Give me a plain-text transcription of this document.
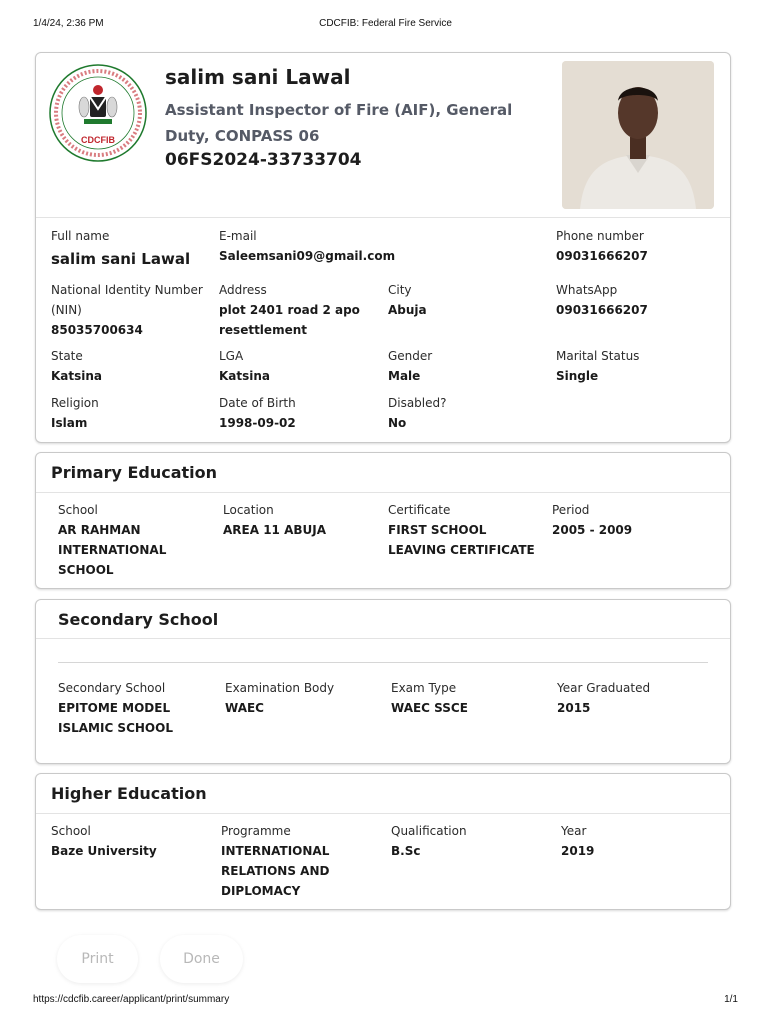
1/4/24, 2:36 PM	CDCFIB: Federal Fire Service
CDCFIB
salim sani Lawal
Assistant Inspector of Fire (AIF), General Duty, CONPASS 06
06FS2024-33733704
Full name
salim sani Lawal
E-mail
Saleemsani09@gmail.com
Phone number
09031666207
National Identity Number (NIN)
85035700634
Address
plot 2401 road 2 apo resettlement
City
Abuja
WhatsApp
09031666207
State
Katsina
LGA
Katsina
Gender
Male
Marital Status
Single
Religion
Islam
Date of Birth
1998-09-02
Disabled?
No
Primary Education
School
AR RAHMAN INTERNATIONAL SCHOOL
Location
AREA 11 ABUJA
Certificate
FIRST SCHOOL LEAVING CERTIFICATE
Period
2005 - 2009
Secondary School
Secondary School
EPITOME MODEL ISLAMIC SCHOOL
Examination Body
WAEC
Exam Type
WAEC SSCE
Year Graduated
2015
Higher Education
School
Baze University
Programme
INTERNATIONAL RELATIONS AND DIPLOMACY
Qualification
B.Sc
Year
2019
Print	Done
https://cdcfib.career/applicant/print/summary	1/1
